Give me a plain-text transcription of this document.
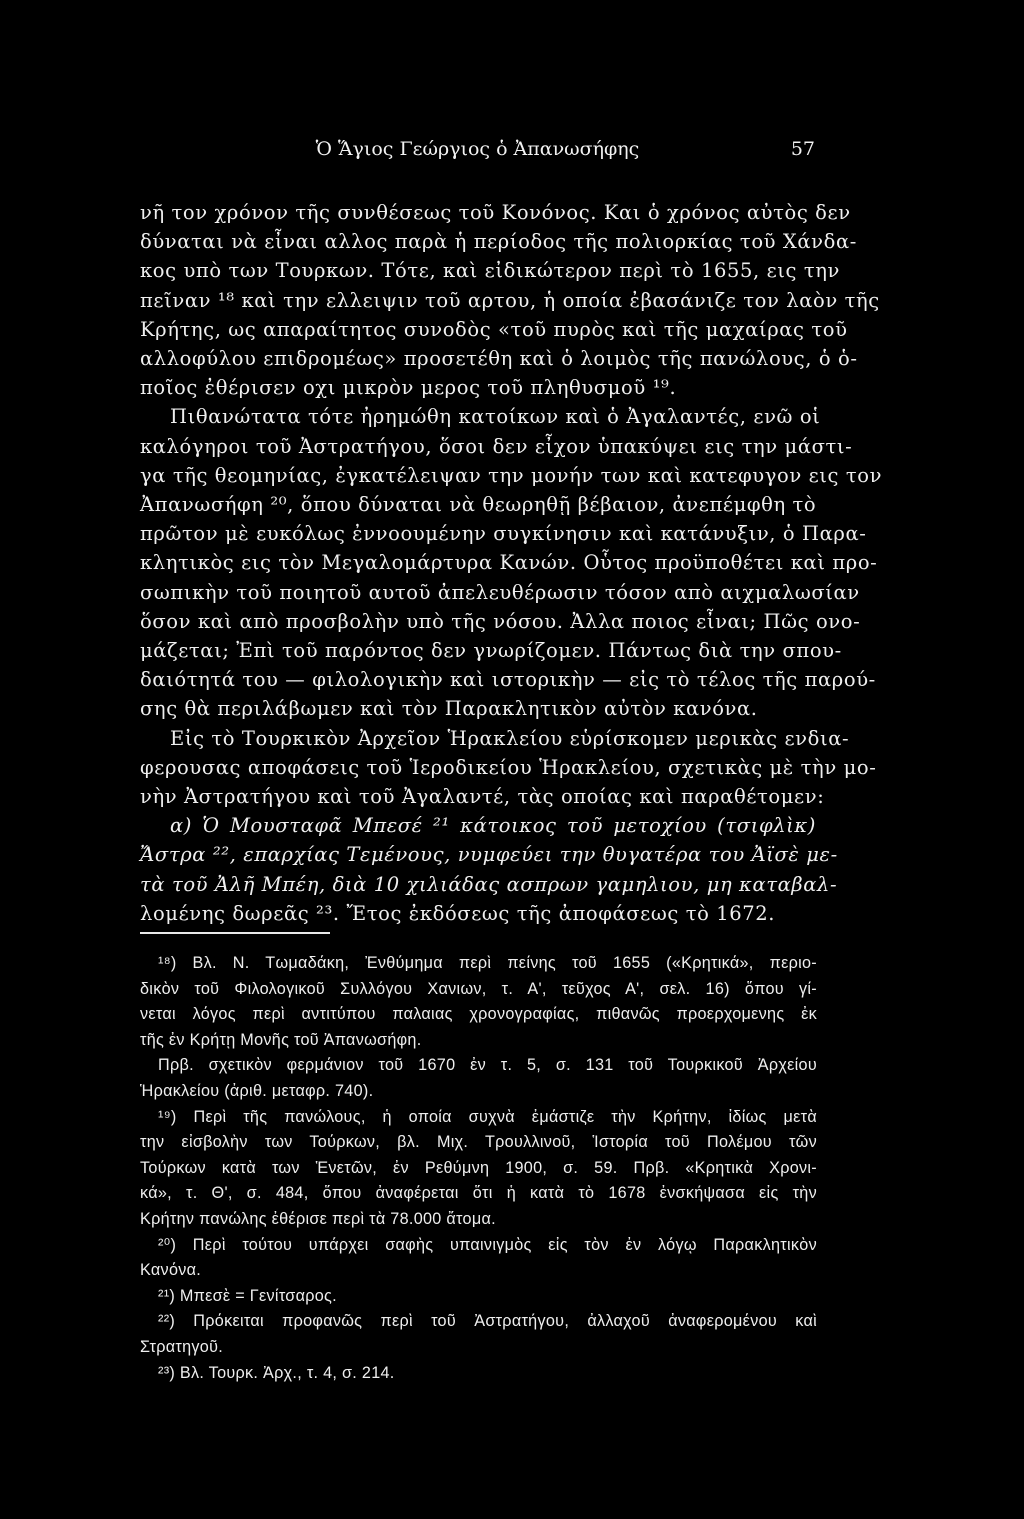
Ὁ Ἅγιος Γεώργιος ὁ Ἀπανωσήφης	57
νῆ τον χρόνον τῆς συνθέσεως τοῦ Κονόνος. Και ὁ χρόνος αὐτὸς δεν
δύναται νὰ εἶναι αλλος παρὰ ἡ περίοδος τῆς πολιορκίας τοῦ Χάνδα-
κος υπὸ των Τουρκων. Τότε, καὶ εἰδικώτερον περὶ τὸ 1655, εις την
πεῖναν ¹⁸ καὶ την ελλειψιν τοῦ αρτου, ἡ οποία ἐβασάνιζε τον λαὸν τῆς
Κρήτης, ως απαραίτητος συνοδὸς «τοῦ πυρὸς καὶ τῆς μαχαίρας τοῦ
αλλοφύλου επιδρομέως» προσετέθη καὶ ὁ λοιμὸς τῆς πανώλους, ὁ ὁ-
ποῖος ἐθέρισεν οχι μικρὸν μερος τοῦ πληθυσμοῦ ¹⁹.
Πιθανώτατα τότε ἠρημώθη κατοίκων καὶ ὁ Ἀγαλαντές, ενῶ οἱ
καλόγηροι τοῦ Ἀστρατήγου, ὅσοι δεν εἶχον ὑπακύψει εις την μάστι-
γα τῆς θεομηνίας, ἐγκατέλειψαν την μονήν των καὶ κατεφυγον εις τον
Ἀπανωσήφη ²⁰, ὅπου δύναται νὰ θεωρηθῇ βέβαιον, ἀνεπέμφθη τὸ
πρῶτον μὲ ευκόλως ἐννοουμένην συγκίνησιν καὶ κατάνυξιν, ὁ Παρα-
κλητικὸς εις τὸν Μεγαλομάρτυρα Κανών. Οὗτος προϋποθέτει καὶ προ-
σωπικὴν τοῦ ποιητοῦ αυτοῦ ἀπελευθέρωσιν τόσον απὸ αιχμαλωσίαν
ὅσον καὶ απὸ προσβολὴν υπὸ τῆς νόσου. Ἀλλα ποιος εἶναι; Πῶς ονο-
μάζεται; Ἐπὶ τοῦ παρόντος δεν γνωρίζομεν. Πάντως διὰ την σπου-
δαιότητά του — φιλολογικὴν καὶ ιστορικὴν — εἰς τὸ τέλος τῆς παρού-
σης θὰ περιλάβωμεν καὶ τὸν Παρακλητικὸν αὐτὸν κανόνα.
Εἰς τὸ Τουρκικὸν Ἀρχεῖον Ἡρακλείου εὑρίσκομεν μερικὰς ενδια-
φερουσας αποφάσεις τοῦ Ἱεροδικείου Ἡρακλείου, σχετικὰς μὲ τὴν μο-
νὴν Ἀστρατήγου καὶ τοῦ Ἀγαλαντέ, τὰς οποίας καὶ παραθέτομεν:
α) Ὁ Μουσταφᾶ Μπεσέ ²¹ κάτοικος τοῦ μετοχίου (τσιφλὶκ)
Ἄστρα ²², επαρχίας Τεμένους, νυμφεύει την θυγατέρα του Ἀϊσὲ με-
τὰ τοῦ Ἀλῆ Μπέη, διὰ 10 χιλιάδας ασπρων γαμηλιου, μη καταβαλ-
λομένης δωρεᾶς ²³. Ἔτος ἐκδόσεως τῆς ἀποφάσεως τὸ 1672.
¹⁸) Βλ. Ν. Τωμαδάκη, Ἐνθύμημα περὶ πείνης τοῦ 1655 («Κρητικά», περιο-
δικὸν τοῦ Φιλολογικοῦ Συλλόγου Χανιων, τ. Α', τεῦχος Α', σελ. 16) ὅπου γί-
νεται λόγος περὶ αντιτύπου παλαιας χρονογραφίας, πιθανῶς προερχομενης ἐκ
τῆς ἐν Κρήτῃ Μονῆς τοῦ Ἀπανωσήφη.
Πρβ. σχετικὸν φερμάνιον τοῦ 1670 ἐν τ. 5, σ. 131 τοῦ Τουρκικοῦ Ἀρχείου
Ἡρακλείου (ἀριθ. μεταφρ. 740).
¹⁹) Περὶ τῆς πανώλους, ἡ οποία συχνὰ ἐμάστιζε τὴν Κρήτην, ἰδίως μετὰ
την εἰσβολὴν των Τούρκων, βλ. Μιχ. Τρουλλινοῦ, Ἱστορία τοῦ Πολέμου τῶν
Τούρκων κατὰ των Ἑνετῶν, ἐν Ρεθύμνη 1900, σ. 59. Πρβ. «Κρητικὰ Χρονι-
κά», τ. Θ', σ. 484, ὅπου ἀναφέρεται ὅτι ἡ κατὰ τὸ 1678 ἐνσκήψασα εἰς τὴν
Κρήτην πανώλης ἐθέρισε περὶ τὰ 78.000 ἄτομα.
²⁰) Περὶ τούτου υπάρχει σαφὴς υπαινιγμὸς εἰς τὸν ἐν λόγῳ Παρακλητικὸν
Κανόνα.
²¹) Μπεσὲ = Γενίτσαρος.
²²) Πρόκειται προφανῶς περὶ τοῦ Ἀστρατήγου, ἀλλαχοῦ ἀναφερομένου καὶ
Στρατηγοῦ.
²³) Βλ. Τουρκ. Ἀρχ., τ. 4, σ. 214.
